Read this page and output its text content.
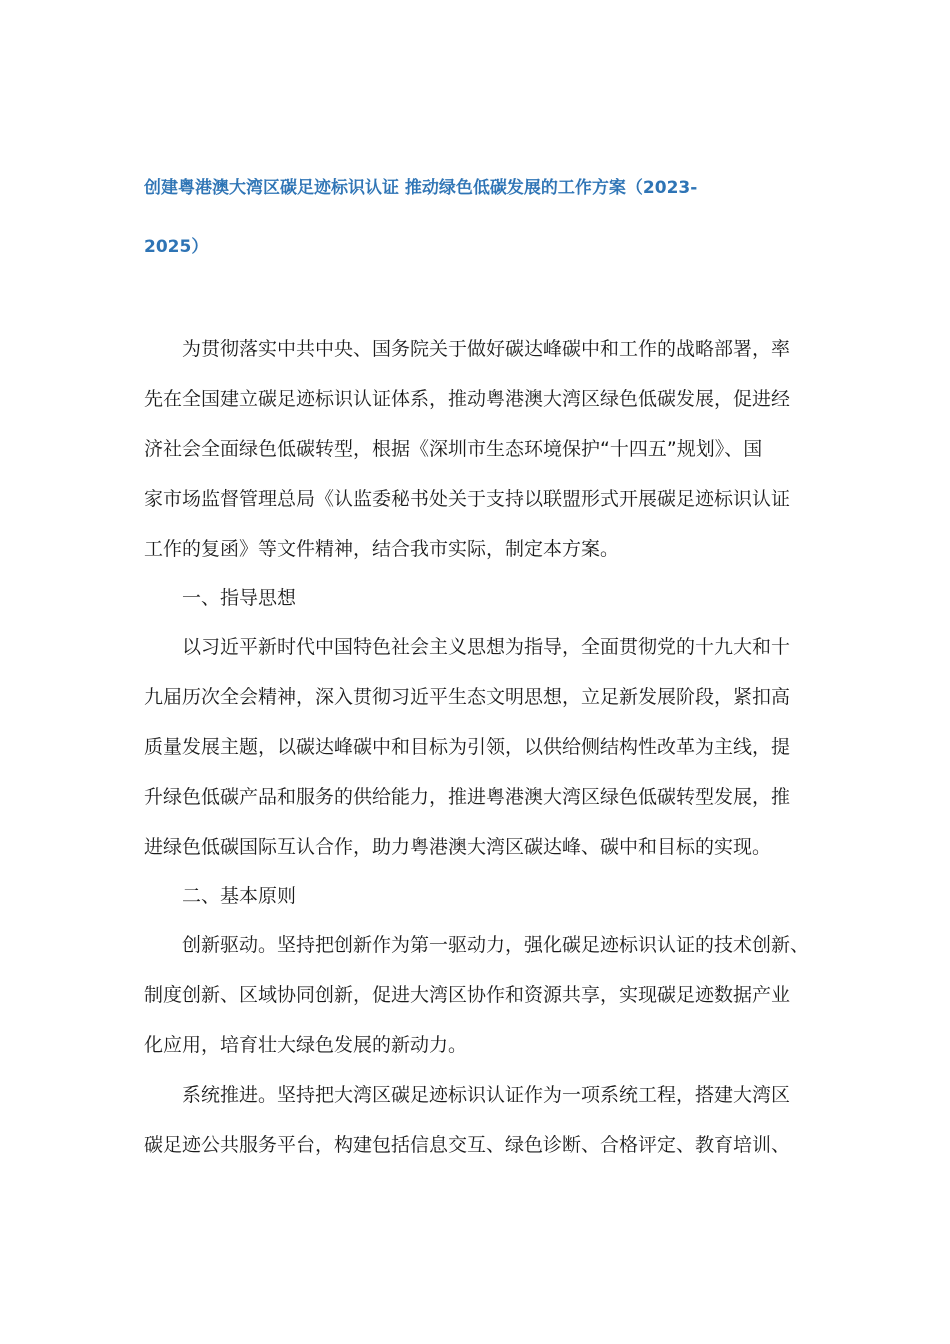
创建粤港澳大湾区碳足迹标识认证 推动绿色低碳发展的工作方案（2023-
2025）
为贯彻落实中共中央、国务院关于做好碳达峰碳中和工作的战略部署，率
先在全国建立碳足迹标识认证体系，推动粤港澳大湾区绿色低碳发展，促进经
济社会全面绿色低碳转型，根据《深圳市生态环境保护“十四五”规划》、国
家市场监督管理总局《认监委秘书处关于支持以联盟形式开展碳足迹标识认证
工作的复函》等文件精神，结合我市实际，制定本方案。
一、指导思想
以习近平新时代中国特色社会主义思想为指导，全面贯彻党的十九大和十
九届历次全会精神，深入贯彻习近平生态文明思想，立足新发展阶段，紧扣高
质量发展主题，以碳达峰碳中和目标为引领，以供给侧结构性改革为主线，提
升绿色低碳产品和服务的供给能力，推进粤港澳大湾区绿色低碳转型发展，推
进绿色低碳国际互认合作，助力粤港澳大湾区碳达峰、碳中和目标的实现。
二、基本原则
创新驱动。坚持把创新作为第一驱动力，强化碳足迹标识认证的技术创新、
制度创新、区域协同创新，促进大湾区协作和资源共享，实现碳足迹数据产业
化应用，培育壮大绿色发展的新动力。
系统推进。坚持把大湾区碳足迹标识认证作为一项系统工程，搭建大湾区
碳足迹公共服务平台，构建包括信息交互、绿色诊断、合格评定、教育培训、
